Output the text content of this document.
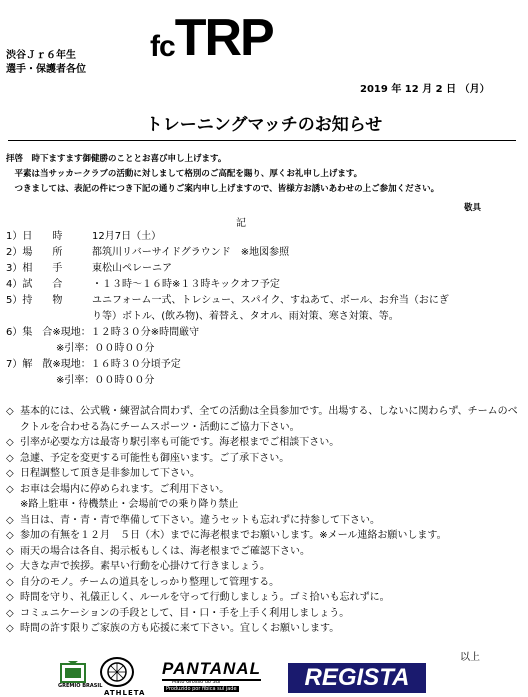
fcTRP
渋谷Ｊｒ６年生
選手・保護者各位
2019 年 12 月 2 日 （月）
トレーニングマッチのお知らせ
拝啓　時下ますます御健勝のこととお喜び申し上げます。
　平素は当サッカークラブの活動に対しまして格別のご高配を賜り、厚くお礼申し上げます。
　つきましては、表記の件につき下記の通りご案内申し上げますので、皆様方お誘いあわせの上ご参加ください。
敬具
記
1）日　　時	12月7日（土）
2）場　　所	都筑川リバーサイドグラウンド　※地図参照
3）相　　手	東松山ペレーニア
4）試　　合	・１３時～１６時※１３時キックオフ予定
5）持　　物	ユニフォーム一式、トレシュー、スパイク、すねあて、ボール、お弁当（おにぎ
り等）ボトル、(飲み物)、着替え、タオル、雨対策、寒さ対策、等。
6）集　合※現地：１２時３０分※時間厳守
　　　　　※引率：００時００分
7）解　散※現地：１６時３０分頃予定
　　　　　※引率：００時００分
◇ 基本的には、公式戦・練習試合問わず、全ての活動は全員参加です。出場する、しないに関わらず、チームのベクトルを合わせる為にチームスポーツ・活動にご協力下さい。
◇ 引率が必要な方は最寄り駅引率も可能です。海老根までご相談下さい。
◇ 急遽、予定を変更する可能性も御座います。ご了承下さい。
◇ 日程調整して頂き是非参加して下さい。
◇ お車は会場内に停められます。ご利用下さい。
※路上駐車・待機禁止・会場前での乗り降り禁止
◇ 当日は、青・青・青で準備して下さい。違うセットも忘れずに持参して下さい。
◇ 参加の有無を１２月　５日（木）までに海老根までお願いします。※メール連絡お願いします。
◇ 雨天の場合は各自、掲示板もしくは、海老根までご確認下さい。
◇ 大きな声で挨拶。素早い行動を心掛けて行きましょう。
◇ 自分のモノ。チームの道具をしっかり整理して管理する。
◇ 時間を守り、礼儀正しく、ルールを守って行動しましょう。ゴミ拾いも忘れずに。
◇ コミュニケーションの手段として、目・口・手を上手く利用しましょう。
◇ 時間の許す限りご家族の方も応援に来て下さい。宜しくお願いします。
以上
GREMIO BRASIL
ATHLETA
PANTANAL
Mato Grosso do Sul
Produzido por fibica sul jade	REGISTA
